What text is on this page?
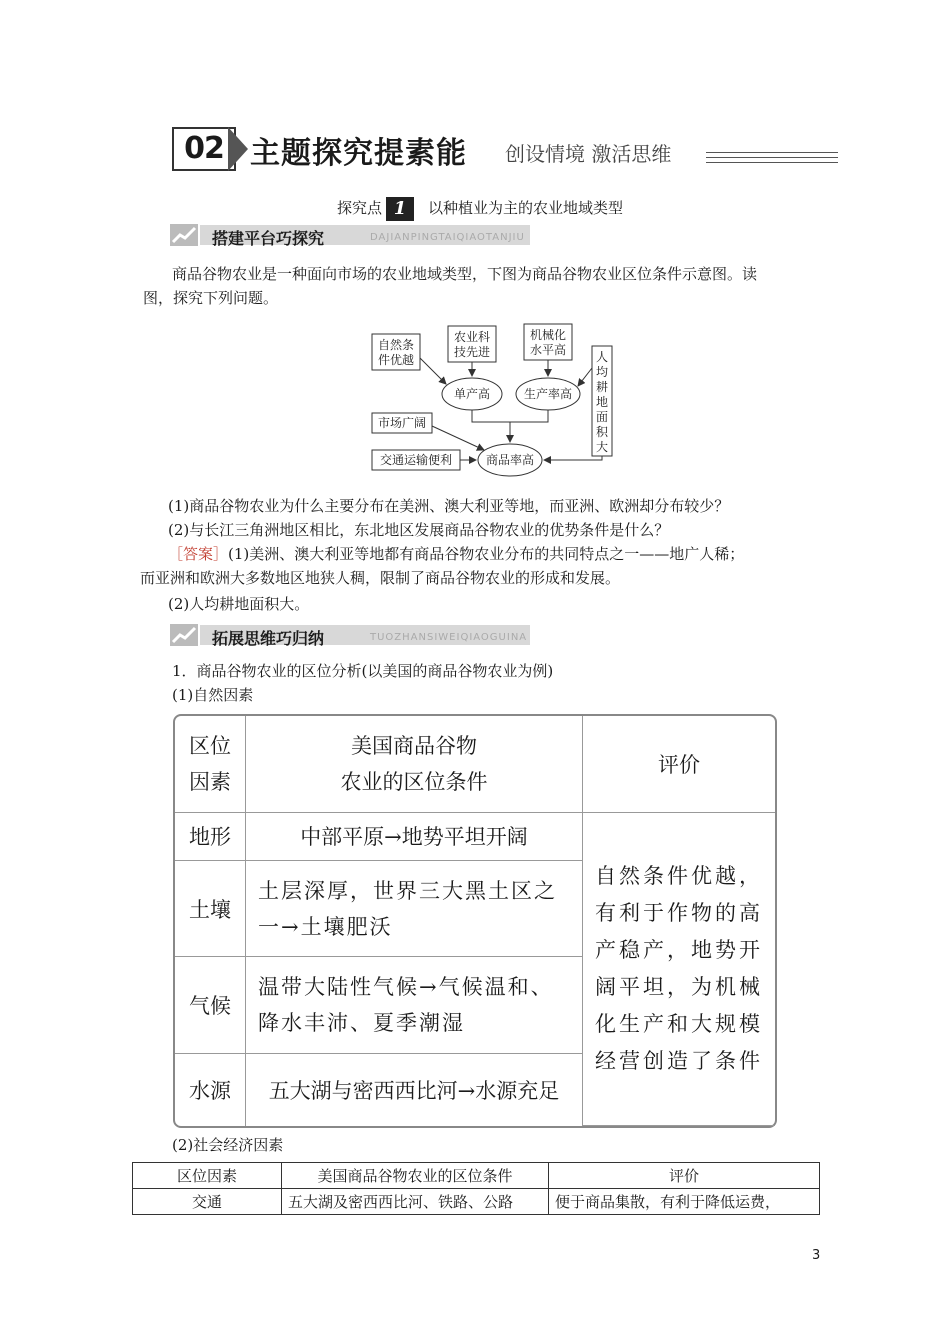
02 主题探究提素能 创设情境 激活思维
探究点 1 以种植业为主的农业地域类型
搭建平台巧探究	DAJIANPINGTAIQIAOTANJIU

商品谷物农业是一种面向市场的农业地域类型，下图为商品谷物农业区位条件示意图。读

图，探究下列问题。

自然条
件优越
农业科
技先进
机械化
水平高 人
均
耕
地
面
积
大
单产高	生产率高
市场广阔
交通运输便利	商品率高

(1)商品谷物农业为什么主要分布在美洲、澳大利亚等地，而亚洲、欧洲却分布较少？

(2)与长江三角洲地区相比，东北地区发展商品谷物农业的优势条件是什么？

［答案］(1)美洲、澳大利亚等地都有商品谷物农业分布的共同特点之一——地广人稀；

而亚洲和欧洲大多数地区地狭人稠，限制了商品谷物农业的形成和发展。

(2)人均耕地面积大。

拓展思维巧归纳	TUOZHANSIWEIQIAOGUINA

1．商品谷物农业的区位分析(以美国的商品谷物农业为例)

(1)自然因素

区位
因素	美国商品谷物
农业的区位条件	评价
地形	中部平原→地势平坦开阔	自然条件优越，有利于作物的高产稳产，地势开阔平坦，为机械化生产和大规模经营创造了条件
土壤	土层深厚，世界三大黑土区之一→土壤肥沃	
气候	温带大陆性气候→气候温和、降水丰沛、夏季潮湿	
水源	五大湖与密西西比河→水源充足	

(2)社会经济因素

区位因素	美国商品谷物农业的区位条件	评价
交通	五大湖及密西西比河、铁路、公路	便于商品集散，有利于降低运费，
3
